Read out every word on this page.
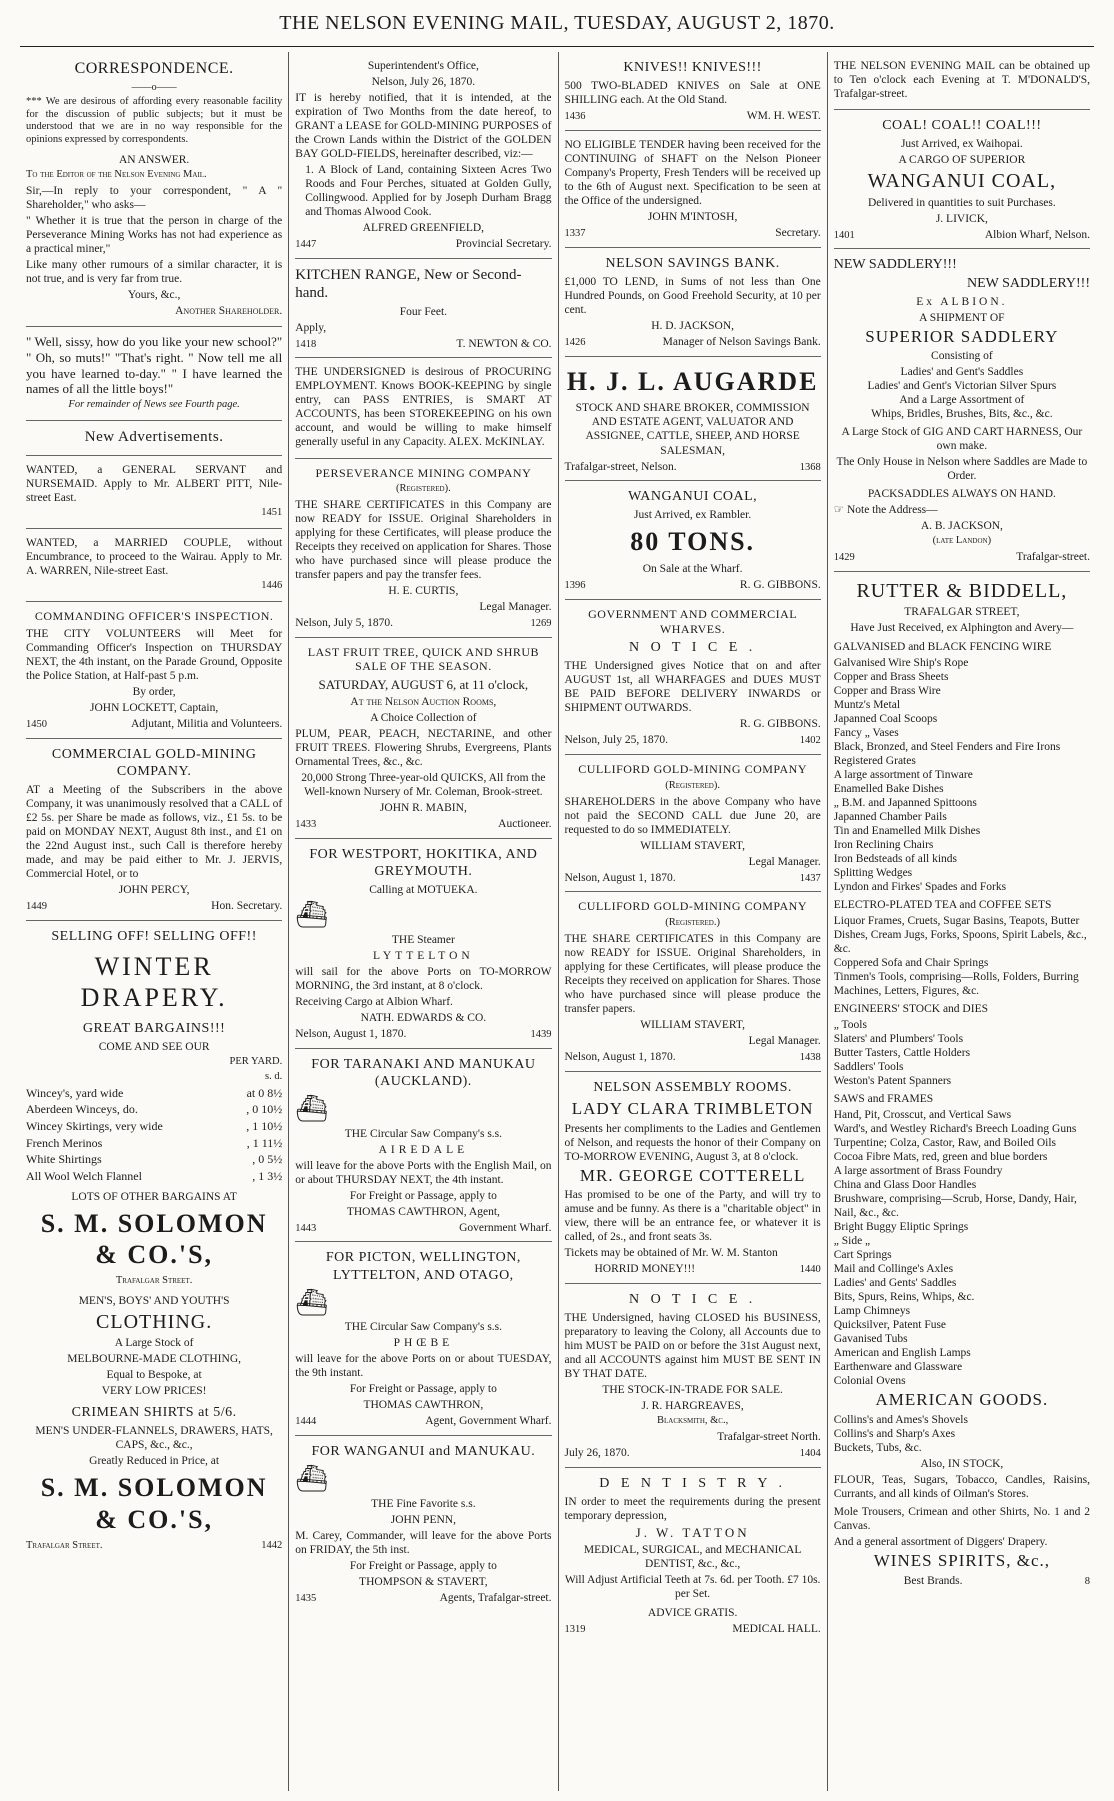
THE NELSON EVENING MAIL, TUESDAY, AUGUST 2, 1870.
CORRESPONDENCE.
——o——

*** We are desirous of affording every reasonable facility for the discussion of public subjects; but it must be understood that we are in no way responsible for the opinions expressed by correspondents.

AN ANSWER.

To the Editor of the Nelson Evening Mail.

Sir,—In reply to your correspondent, " A " Shareholder," who asks—

" Whether it is true that the person in charge of the Perseverance Mining Works has not had experience as a practical miner,"

Like many other rumours of a similar character, it is not true, and is very far from true.

Yours, &c.,

Another Shareholder.

" Well, sissy, how do you like your new school?" " Oh, so muts!" "That's right. " Now tell me all you have learned to-day." " I have learned the names of all the little boys!"

For remainder of News see Fourth page.

New Advertisements.

WANTED, a GENERAL SERVANT and NURSEMAID. Apply to Mr. ALBERT PITT, Nile-street East.

1451

WANTED, a MARRIED COUPLE, without Encumbrance, to proceed to the Wairau. Apply to Mr. A. WARREN, Nile-street East.

1446

COMMANDING OFFICER'S INSPECTION.

THE CITY VOLUNTEERS will Meet for Commanding Officer's Inspection on THURSDAY NEXT, the 4th instant, on the Parade Ground, Opposite the Police Station, at Half-past 5 p.m.

By order,

JOHN LOCKETT, Captain,

1450	Adjutant, Militia and Volunteers.
COMMERCIAL GOLD-MINING COMPANY.

AT a Meeting of the Subscribers in the above Company, it was unanimously resolved that a CALL of £2 5s. per Share be made as follows, viz., £1 5s. to be paid on MONDAY NEXT, August 8th inst., and £1 on the 22nd August inst., such Call is therefore hereby made, and may be paid either to Mr. J. JERVIS, Commercial Hotel, or to

JOHN PERCY,

1449	Hon. Secretary.
SELLING OFF! SELLING OFF!!
WINTER DRAPERY.
GREAT BARGAINS!!!

COME AND SEE OUR

PER YARD.

s. d.

Wincey's, yard wide	at 0 8½
Aberdeen Winceys, do.	, 0 10½
Wincey Skirtings, very wide	, 1 10½
French Merinos	, 1 11½
White Shirtings	, 0 5½
All Wool Welch Flannel	, 1 3½

LOTS OF OTHER BARGAINS AT

S. M. SOLOMON & CO.'S,

Trafalgar Street.

MEN'S, BOYS' AND YOUTH'S

CLOTHING.

A Large Stock of

MELBOURNE-MADE CLOTHING,

Equal to Bespoke, at

VERY LOW PRICES!

CRIMEAN SHIRTS at 5/6.

MEN'S UNDER-FLANNELS, DRAWERS, HATS, CAPS, &c., &c.,

Greatly Reduced in Price, at

S. M. SOLOMON & CO.'S,
Trafalgar Street.	1442

Superintendent's Office,

Nelson, July 26, 1870.

IT is hereby notified, that it is intended, at the expiration of Two Months from the date hereof, to GRANT a LEASE for GOLD-MINING PURPOSES of the Crown Lands within the District of the GOLDEN BAY GOLD-FIELDS, hereinafter described, viz:—

1. A Block of Land, containing Sixteen Acres Two Roods and Four Perches, situated at Golden Gully, Collingwood. Applied for by Joseph Durham Bragg and Thomas Alwood Cook.

ALFRED GREENFIELD,

1447	Provincial Secretary.

KITCHEN RANGE, New or Second-hand.

Four Feet.

Apply,

1418	T. NEWTON & CO.

THE UNDERSIGNED is desirous of PROCURING EMPLOYMENT. Knows BOOK-KEEPING by single entry, can PASS ENTRIES, is SMART AT ACCOUNTS, has been STOREKEEPING on his own account, and would be willing to make himself generally useful in any Capacity. ALEX. McKINLAY.

PERSEVERANCE MINING COMPANY

(Registered).

THE SHARE CERTIFICATES in this Company are now READY for ISSUE. Original Shareholders in applying for these Certificates, will please produce the Receipts they received on application for Shares. Those who have purchased since will please produce the transfer papers and pay the transfer fees.

H. E. CURTIS,

Legal Manager.

Nelson, July 5, 1870.	1269
LAST FRUIT TREE, QUICK AND SHRUB SALE OF THE SEASON.

SATURDAY, AUGUST 6, at 11 o'clock,

At the Nelson Auction Rooms,

A Choice Collection of

PLUM, PEAR, PEACH, NECTARINE, and other FRUIT TREES. Flowering Shrubs, Evergreens, Plants Ornamental Trees, &c., &c.

20,000 Strong Three-year-old QUICKS, All from the Well-known Nursery of Mr. Coleman, Brook-street.

JOHN R. MABIN,

1433	Auctioneer.
FOR WESTPORT, HOKITIKA, AND GREYMOUTH.

Calling at MOTUEKA.

⛴

THE Steamer

LYTTELTON

will sail for the above Ports on TO-MORROW MORNING, the 3rd instant, at 8 o'clock.

Receiving Cargo at Albion Wharf.

NATH. EDWARDS & CO.

Nelson, August 1, 1870.	1439
FOR TARANAKI AND MANUKAU (AUCKLAND).
⛴

THE Circular Saw Company's s.s.

AIREDALE

will leave for the above Ports with the English Mail, on or about THURSDAY NEXT, the 4th instant.

For Freight or Passage, apply to

THOMAS CAWTHRON, Agent,

1443	Government Wharf.
FOR PICTON, WELLINGTON, LYTTELTON, AND OTAGO,
⛴

THE Circular Saw Company's s.s.

PHŒBE

will leave for the above Ports on or about TUESDAY, the 9th instant.

For Freight or Passage, apply to

THOMAS CAWTHRON,

1444	Agent, Government Wharf.
FOR WANGANUI and MANUKAU.
⛴

THE Fine Favorite s.s.

JOHN PENN,

M. Carey, Commander, will leave for the above Ports on FRIDAY, the 5th inst.

For Freight or Passage, apply to

THOMPSON & STAVERT,

1435	Agents, Trafalgar-street.
KNIVES!! KNIVES!!!

500 TWO-BLADED KNIVES on Sale at ONE SHILLING each. At the Old Stand.

1436	WM. H. WEST.

NO ELIGIBLE TENDER having been received for the CONTINUING of SHAFT on the Nelson Pioneer Company's Property, Fresh Tenders will be received up to the 6th of August next. Specification to be seen at the Office of the undersigned.

JOHN M'INTOSH,

1337	Secretary.
NELSON SAVINGS BANK.

£1,000 TO LEND, in Sums of not less than One Hundred Pounds, on Good Freehold Security, at 10 per cent.

H. D. JACKSON,

1426	Manager of Nelson Savings Bank.
H. J. L. AUGARDE

STOCK AND SHARE BROKER, COMMISSION AND ESTATE AGENT, VALUATOR AND ASSIGNEE, CATTLE, SHEEP, AND HORSE SALESMAN,

Trafalgar-street, Nelson.	1368
WANGANUI COAL,

Just Arrived, ex Rambler.

80 TONS.

On Sale at the Wharf.

1396	R. G. GIBBONS.
GOVERNMENT AND COMMERCIAL WHARVES.
N O T I C E .

THE Undersigned gives Notice that on and after AUGUST 1st, all WHARFAGES and DUES MUST BE PAID BEFORE DELIVERY INWARDS or SHIPMENT OUTWARDS.

R. G. GIBBONS.

Nelson, July 25, 1870.	1402
CULLIFORD GOLD-MINING COMPANY

(Registered).

SHAREHOLDERS in the above Company who have not paid the SECOND CALL due June 20, are requested to do so IMMEDIATELY.

WILLIAM STAVERT,

Legal Manager.

Nelson, August 1, 1870.	1437
CULLIFORD GOLD-MINING COMPANY

(Registered.)

THE SHARE CERTIFICATES in this Company are now READY for ISSUE. Original Shareholders, in applying for these Certificates, will please produce the Receipts they received on application for Shares. Those who have purchased since will please produce the transfer papers.

WILLIAM STAVERT,

Legal Manager.

Nelson, August 1, 1870.	1438
NELSON ASSEMBLY ROOMS.
LADY CLARA TRIMBLETON

Presents her compliments to the Ladies and Gentlemen of Nelson, and requests the honor of their Company on TO-MORROW EVENING, August 3, at 8 o'clock.

MR. GEORGE COTTERELL

Has promised to be one of the Party, and will try to amuse and be funny. As there is a "charitable object" in view, there will be an entrance fee, or whatever it is called, of 2s., and front seats 3s.

Tickets may be obtained of Mr. W. M. Stanton

HORRID MONEY!!!	1440
N O T I C E .

THE Undersigned, having CLOSED his BUSINESS, preparatory to leaving the Colony, all Accounts due to him MUST be PAID on or before the 31st August next, and all ACCOUNTS against him MUST BE SENT IN BY THAT DATE.

THE STOCK-IN-TRADE FOR SALE.

J. R. HARGREAVES,

Blacksmith, &c.,

Trafalgar-street North.

July 26, 1870.	1404
D E N T I S T R Y .

IN order to meet the requirements during the present temporary depression,

J. W. TATTON

MEDICAL, SURGICAL, and MECHANICAL DENTIST, &c., &c.,

Will Adjust Artificial Teeth at 7s. 6d. per Tooth. £7 10s. per Set.

ADVICE GRATIS.

1319	MEDICAL HALL.

THE NELSON EVENING MAIL can be obtained up to Ten o'clock each Evening at T. M'DONALD'S, Trafalgar-street.

COAL! COAL!! COAL!!!

Just Arrived, ex Waihopai.

A CARGO OF SUPERIOR

WANGANUI COAL,

Delivered in quantities to suit Purchases.

J. LIVICK,

1401	Albion Wharf, Nelson.

NEW SADDLERY!!!

NEW SADDLERY!!!

Ex ALBION.

A SHIPMENT OF

SUPERIOR SADDLERY

Consisting of

Ladies' and Gent's Saddles
Ladies' and Gent's Victorian Silver Spurs
And a Large Assortment of
Whips, Bridles, Brushes, Bits, &c., &c.

A Large Stock of GIG AND CART HARNESS, Our own make.

The Only House in Nelson where Saddles are Made to Order.

PACKSADDLES ALWAYS ON HAND.

☞ Note the Address—

A. B. JACKSON,

(late Landon)

1429	Trafalgar-street.
RUTTER & BIDDELL,

TRAFALGAR STREET,

Have Just Received, ex Alphington and Avery—

GALVANISED and BLACK FENCING WIRE

Galvanised Wire Ship's Rope
Copper and Brass Sheets
Copper and Brass Wire
Muntz's Metal
Japanned Coal Scoops
Fancy „ Vases
Black, Bronzed, and Steel Fenders and Fire Irons
Registered Grates
A large assortment of Tinware
Enamelled Bake Dishes
„ B.M. and Japanned Spittoons
Japanned Chamber Pails
Tin and Enamelled Milk Dishes
Iron Reclining Chairs
Iron Bedsteads of all kinds
Splitting Wedges
Lyndon and Firkes' Spades and Forks

ELECTRO-PLATED TEA and COFFEE SETS

Liquor Frames, Cruets, Sugar Basins, Teapots, Butter Dishes, Cream Jugs, Forks, Spoons, Spirit Labels, &c., &c.
Coppered Sofa and Chair Springs
Tinmen's Tools, comprising—Rolls, Folders, Burring Machines, Letters, Figures, &c.

ENGINEERS' STOCK and DIES

„ Tools
Slaters' and Plumbers' Tools
Butter Tasters, Cattle Holders
Saddlers' Tools
Weston's Patent Spanners

SAWS and FRAMES

Hand, Pit, Crosscut, and Vertical Saws
Ward's, and Westley Richard's Breech Loading Guns
Turpentine; Colza, Castor, Raw, and Boiled Oils
Cocoa Fibre Mats, red, green and blue borders
A large assortment of Brass Foundry
China and Glass Door Handles
Brushware, comprising—Scrub, Horse, Dandy, Hair, Nail, &c., &c.
Bright Buggy Eliptic Springs
„ Side „
Cart Springs
Mail and Collinge's Axles
Ladies' and Gents' Saddles
Bits, Spurs, Reins, Whips, &c.
Lamp Chimneys
Quicksilver, Patent Fuse
Gavanised Tubs
American and English Lamps
Earthenware and Glassware
Colonial Ovens

AMERICAN GOODS.

Collins's and Ames's Shovels
Collins's and Sharp's Axes
Buckets, Tubs, &c.

Also, IN STOCK,

FLOUR, Teas, Sugars, Tobacco, Candles, Raisins, Currants, and all kinds of Oilman's Stores.

Mole Trousers, Crimean and other Shirts, No. 1 and 2 Canvas.

And a general assortment of Diggers' Drapery.

WINES SPIRITS, &c.,
Best Brands.	8
